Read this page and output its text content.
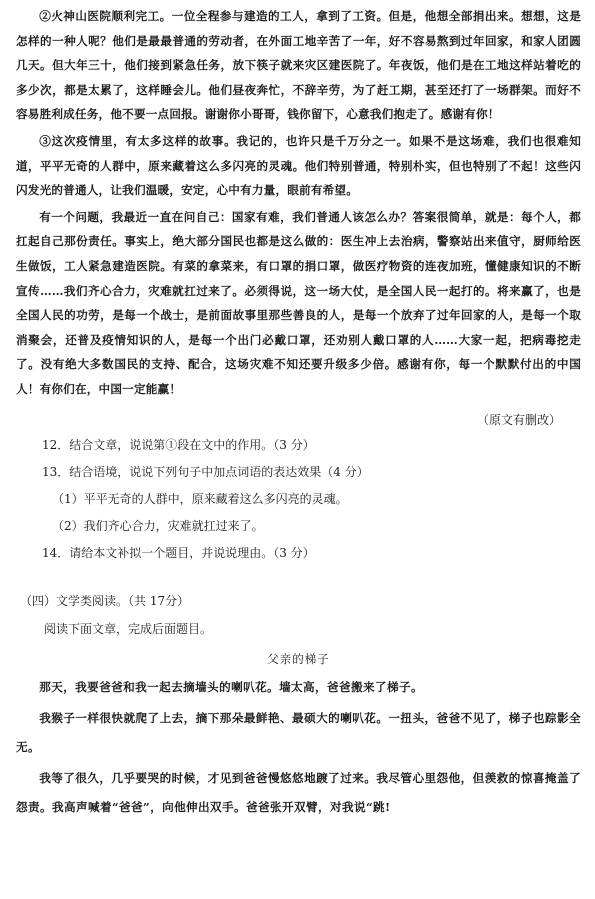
②火神山医院顺利完工。一位全程参与建造的工人，拿到了工资。但是，他想全部捐出来。想想，这是怎样的一种人呢？他们是最最普通的劳动者，在外面工地辛苦了一年，好不容易熬到过年回家，和家人团圆几天。但大年三十，他们接到紧急任务，放下筷子就来灾区建医院了。年夜饭，他们是在工地这样站着吃的多少次，都是太累了，这样睡会儿。他们昼夜奔忙，不辞辛劳，为了赶工期，甚至还打了一场群架。而好不容易胜利成任务，他不要一点回报。谢谢你小哥哥，钱你留下，心意我们抱走了。感谢有你！

③这次疫情里，有太多这样的故事。我记的，也许只是千万分之一。如果不是这场难，我们也很难知道，平平无奇的人群中，原来藏着这么多闪亮的灵魂。他们特别普通，特别朴实，但也特别了不起！这些闪闪发光的普通人，让我们温暖，安定，心中有力量，眼前有希望。

有一个问题，我最近一直在问自己：国家有难，我们普通人该怎么办？答案很简单，就是：每个人，都扛起自己那份责任。事实上，绝大部分国民也都是这么做的：医生冲上去治病，警察站出来值守，厨师给医生做饭，工人紧急建造医院。有菜的拿菜来，有口罩的捐口罩，做医疗物资的连夜加班，懂健康知识的不断宣传……我们齐心合力，灾难就扛过来了。必须得说，这一场大仗，是全国人民一起打的。将来赢了，也是全国人民的功劳，是每一个战士，是前面故事里那些善良的人，是每一个放弃了过年回家的人，是每一个取消聚会，还普及疫情知识的人，是每一个出门必戴口罩，还劝别人戴口罩的人……大家一起，把病毒挖走了。没有绝大多数国民的支持、配合，这场灾难不知还要升级多少倍。感谢有你，每一个默默付出的中国人！有你们在，中国一定能赢！

（原文有删改）
12．结合文章，说说第①段在文中的作用。（3 分）
13．结合语境，说说下列句子中加点词语的表达效果（4 分）
（1）平平无奇的人群中，原来藏着这么多闪亮的灵魂。
（2）我们齐心合力，灾难就扛过来了。
14．请给本文补拟一个题目，并说说理由。（3 分）
（四）文学类阅读。（共 17分）
阅读下面文章，完成后面题目。
父亲的梯子

那天，我要爸爸和我一起去摘墙头的喇叭花。墙太高，爸爸搬来了梯子。

我猴子一样很快就爬了上去，摘下那朵最鲜艳、最硕大的喇叭花。一扭头，爸爸不见了，梯子也踪影全无。

我等了很久，几乎要哭的时候，才见到爸爸慢悠悠地踱了过来。我尽管心里怨他，但羡救的惊喜掩盖了怨责。我高声喊着“爸爸”，向他伸出双手。爸爸张开双臂，对我说“跳!
